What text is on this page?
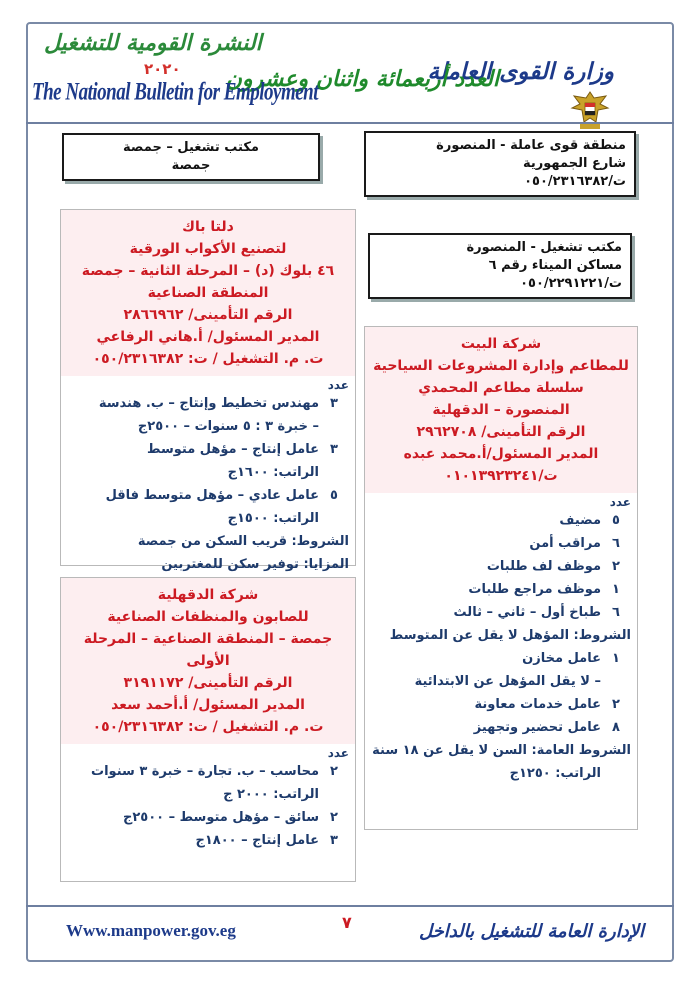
وزارة القوى العاملة
العدد أربعمائة واثنان وعشرون
النشرة القومية للتشغيل
٢٠٢٠
The National Bulletin for Employment
مكتب تشغيل – جمصة
جمصة
منطقة قوى عاملة - المنصورة
شارع الجمهورية
ت/٠٥٠/٢٣١٦٣٨٢
مكتب تشغيل - المنصورة
مساكن الميناء رقم ٦
ت/٠٥٠/٢٢٩١٢٢١
دلتا باك
لتصنيع الأكواب الورقية
٤٦ بلوك (د) – المرحلة الثانية – جمصة
المنطقة الصناعية
الرقم التأمينى/ ٢٨٦٦٩٦٢
المدير المسئول/ أ.هاني الرفاعي
ت. م. التشغيل / ت: ٠٥٠/٢٣١٦٣٨٢
عدد
٣
مهندس تخطيط وإنتاج – ب. هندسة
– خبرة ٣ : ٥ سنوات – ٢٥٠٠ج
٣
عامل إنتاج – مؤهل متوسط
الراتب: ١٦٠٠ج
٥
عامل عادي – مؤهل متوسط فاقل
الراتب: ١٥٠٠ج
الشروط: قريب السكن من جمصة
المزايا: توفير سكن للمغتربين
شركة البيت
للمطاعم وإدارة المشروعات السياحية
سلسلة مطاعم المحمدي
المنصورة – الدقهلية
الرقم التأمينى/ ٢٩٦٢٧٠٨
المدير المسئول/أ.محمد عبده
ت/٠١٠١٣٩٢٣٢٤١
عدد
٥
مضيف
٦
مراقب أمن
٢
موظف لف طلبات
١
موظف مراجع طلبات
٦
طباخ أول – ثاني – ثالث
الشروط: المؤهل لا يقل عن المتوسط
١
عامل مخازن
– لا يقل المؤهل عن الابتدائية
٢
عامل خدمات معاونة
٨
عامل تحضير وتجهيز
الشروط العامة: السن لا يقل عن ١٨ سنة
الراتب: ١٢٥٠ج
شركة الدقهلية
للصابون والمنظفات الصناعية
جمصة – المنطقة الصناعية – المرحلة
الأولى
الرقم التأمينى/ ٣١٩١١٧٢
المدير المسئول/ أ.أحمد سعد
ت. م. التشغيل / ت: ٠٥٠/٢٣١٦٣٨٢
عدد
٢
محاسب – ب. تجارة – خبرة ٣ سنوات
الراتب: ٢٠٠٠ ج
٢
سائق – مؤهل متوسط – ٢٥٠٠ج
٣
عامل إنتاج – ١٨٠٠ج
Www.manpower.gov.eg	٧	الإدارة العامة للتشغيل بالداخل
